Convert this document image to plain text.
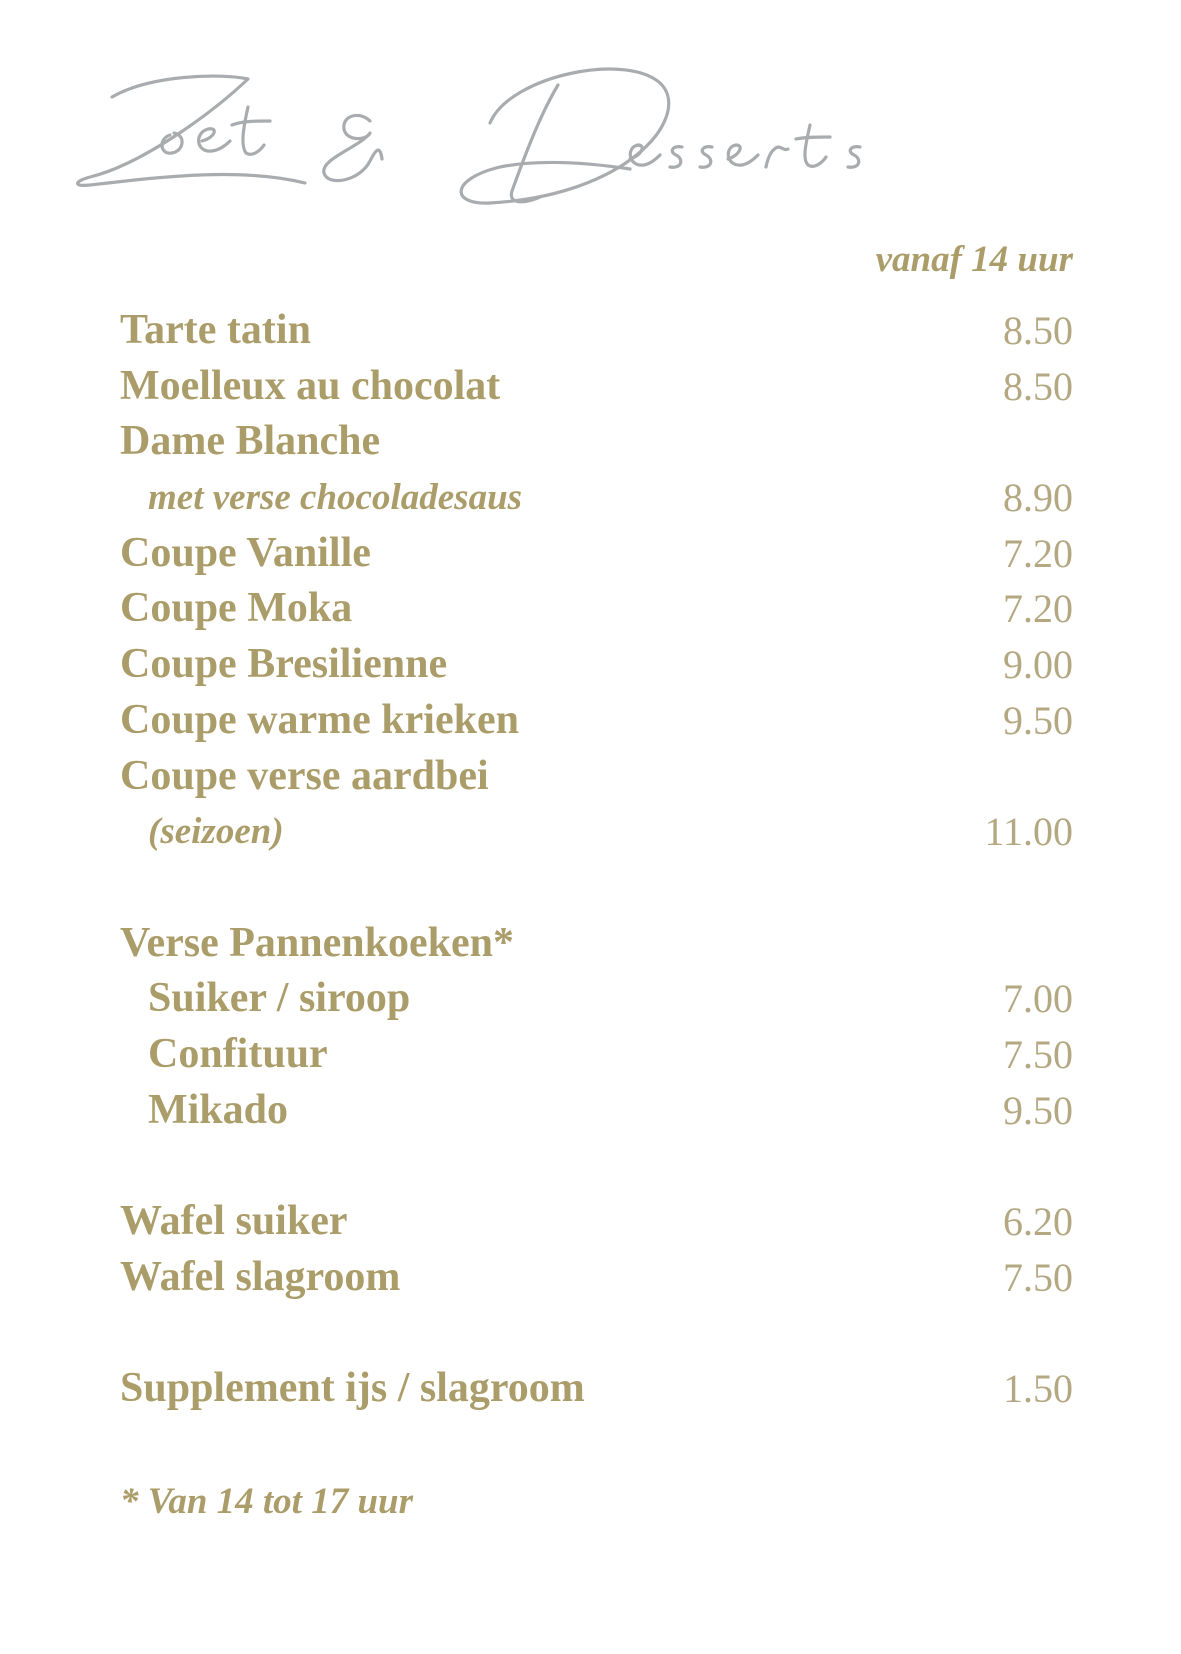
vanaf 14 uur
Tarte tatin	8.50
Moelleux au chocolat	8.50
Dame Blanche
met verse chocoladesaus	8.90
Coupe Vanille	7.20
Coupe Moka	7.20
Coupe Bresilienne	9.00
Coupe warme krieken	9.50
Coupe verse aardbei
(seizoen)	11.00
Verse Pannenkoeken*
Suiker / siroop	7.00
Confituur	7.50
Mikado	9.50
Wafel suiker	6.20
Wafel slagroom	7.50
Supplement ijs / slagroom	1.50
* Van 14 tot 17 uur
